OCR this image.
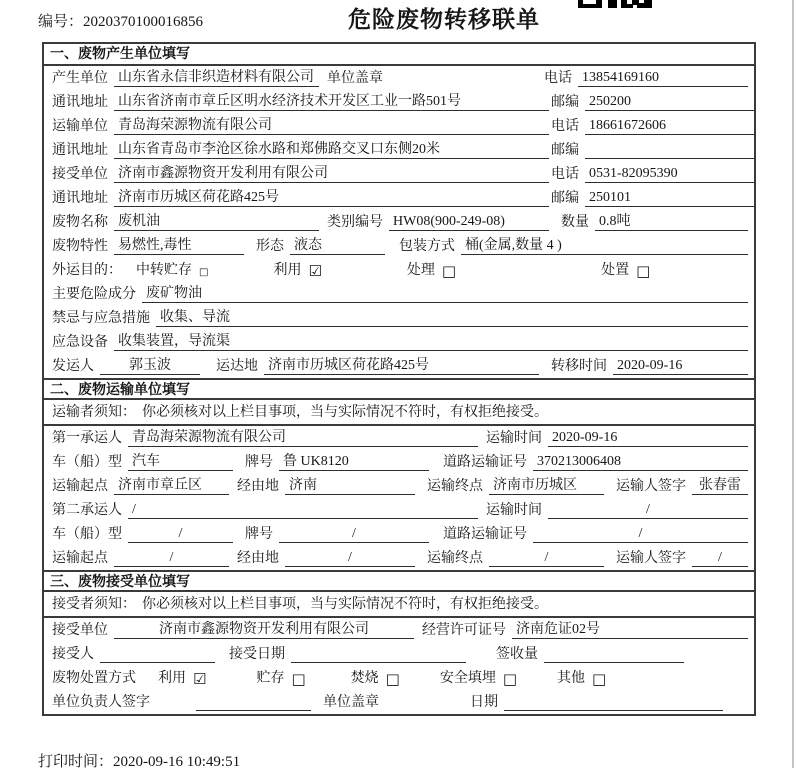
编号：2020370100016856	危险废物转移联单
一、废物产生单位填写
产生单位 山东省永信非织造材料有限公司 单位盖章	电话 13854169160
通讯地址 山东省济南市章丘区明水经济技术开发区工业一路501号	邮编 250200
运输单位 青岛海荣源物流有限公司	电话 18661672606
通讯地址 山东省青岛市李沧区徐水路和郑佛路交叉口东侧20米	邮编
接受单位 济南市鑫源物资开发利用有限公司	电话 0531-82095390
通讯地址 济南市历城区荷花路425号	邮编 250101
废物名称 废机油	类别编号 HW08(900-249-08)	数量 0.8吨
废物特性 易燃性,毒性	形态 液态	包装方式 桶(金属,数量 4 )
外运目的： 中转贮存 □	利用 ☑	处理 □	处置 □
主要危险成分 废矿物油
禁忌与应急措施 收集、导流
应急设备 收集装置，导流渠
发运人	郭玉波	运达地 济南市历城区荷花路425号	转移时间 2020-09-16
二、废物运输单位填写
运输者须知： 你必须核对以上栏目事项，当与实际情况不符时，有权拒绝接受。
第一承运人 青岛海荣源物流有限公司	运输时间 2020-09-16
车（船）型 汽车	牌号 鲁 UK8120	道路运输证号 370213006408
运输起点 济南市章丘区	经由地 济南	运输终点 济南市历城区	运输人签字 张春雷
第二承运人 /	运输时间	/
车（船）型	/	牌号	/	道路运输证号	/
运输起点	/	经由地	/	运输终点	/	运输人签字	/
三、废物接受单位填写
接受者须知： 你必须核对以上栏目事项，当与实际情况不符时，有权拒绝接受。
接受单位	济南市鑫源物资开发利用有限公司	经营许可证号 济南危证02号
接受人	接受日期	签收量
废物处置方式 利用 ☑	贮存 □	焚烧 □	安全填埋 □	其他 □
单位负责人签字	单位盖章	日期
打印时间：2020-09-16 10:49:51
